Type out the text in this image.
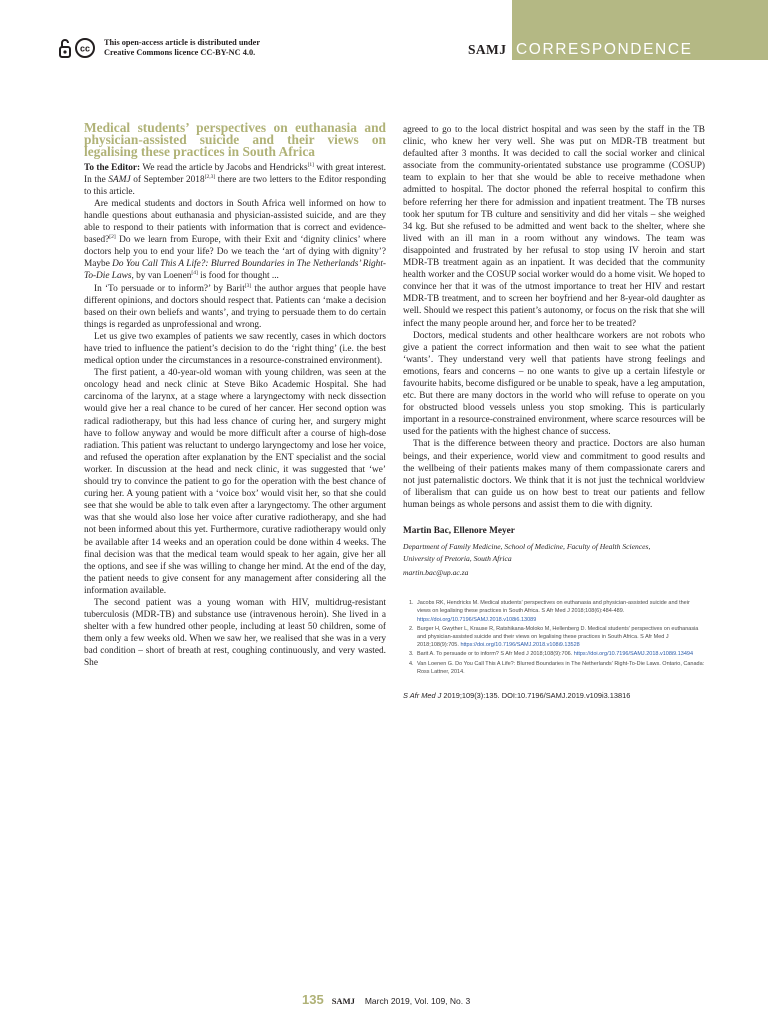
cc
This open-access article is distributed under
Creative Commons licence CC-BY-NC 4.0.	SAMJ CORRESPONDENCE
Medical students’ perspectives on euthanasia and physician-assisted suicide and their views on legalising these practices in South Africa

To the Editor: We read the article by Jacobs and Hendricks[1] with great interest. In the SAMJ of September 2018[2,3] there are two letters to the Editor responding to this article.

Are medical students and doctors in South Africa well informed on how to handle questions about euthanasia and physician-assisted suicide, and are they able to respond to their patients with information that is correct and evidence-based?[2] Do we learn from Europe, with their Exit and ‘dignity clinics’ where doctors help you to end your life? Do we teach the ‘art of dying with dignity’? Maybe Do You Call This A Life?: Blurred Boundaries in The Netherlands’ Right-To-Die Laws, by van Loenen[4] is food for thought ...

In ‘To persuade or to inform?’ by Barit[3] the author argues that people have different opinions, and doctors should respect that. Patients can ‘make a decision based on their own beliefs and wants’, and trying to persuade them to do certain things is regarded as unprofessional and wrong.

Let us give two examples of patients we saw recently, cases in which doctors have tried to influence the patient’s decision to do the ‘right thing’ (i.e. the best medical option under the circumstances in a resource-constrained environment).

The first patient, a 40-year-old woman with young children, was seen at the oncology head and neck clinic at Steve Biko Academic Hospital. She had carcinoma of the larynx, at a stage where a laryngectomy with neck dissection would give her a real chance to be cured of her cancer. Her second option was radical radiotherapy, but this had less chance of curing her, and surgery might have to follow anyway and would be more difficult after a course of high-dose radiation. This patient was reluctant to undergo laryngectomy and lose her voice, and refused the operation after explanation by the ENT specialist and the social worker. In discussion at the head and neck clinic, it was suggested that ‘we’ should try to convince the patient to go for the operation with the best chance of curing her. A young patient with a ‘voice box’ would visit her, so that she could see that she would be able to talk even after a laryngectomy. The other argument was that she would also lose her voice after curative radiotherapy, and she had not been informed about this yet. Furthermore, curative radiotherapy would only be available after 14 weeks and an operation could be done within 4 weeks. The final decision was that the medical team would speak to her again, give her all the options, and see if she was willing to change her mind. At the end of the day, the patient needs to give consent for any management after considering all the information available.

The second patient was a young woman with HIV, multidrug-resistant tuberculosis (MDR-TB) and substance use (intravenous heroin). She lived in a shelter with a few hundred other people, including at least 50 children, some of them only a few weeks old. When we saw her, we realised that she was in a very bad condition – short of breath at rest, coughing continuously, and very wasted. She

agreed to go to the local district hospital and was seen by the staff in the TB clinic, who knew her very well. She was put on MDR-TB treatment but defaulted after 3 months. It was decided to call the social worker and clinical associate from the community-orientated substance use programme (COSUP) team to explain to her that she would be able to receive methadone when admitted to hospital. The doctor phoned the referral hospital to confirm this before referring her there for admission and inpatient treatment. The TB nurses took her sputum for TB culture and sensitivity and did her vitals – she weighed 34 kg. But she refused to be admitted and went back to the shelter, where she lived with an ill man in a room without any windows. The team was disappointed and frustrated by her refusal to stop using IV heroin and start MDR-TB treatment again as an inpatient. It was decided that the community health worker and the COSUP social worker would do a home visit. We hoped to convince her that it was of the utmost importance to treat her HIV and restart MDR-TB treatment, and to screen her boyfriend and her 8-year-old daughter as well. Should we respect this patient’s autonomy, or focus on the risk that she will infect the many people around her, and force her to be treated?

Doctors, medical students and other healthcare workers are not robots who give a patient the correct information and then wait to see what the patient ‘wants’. They understand very well that patients have strong feelings and emotions, fears and concerns – no one wants to give up a certain lifestyle or favourite habits, become disfigured or be unable to speak, have a leg amputation, etc. But there are many doctors in the world who will refuse to operate on you for obstructed blood vessels unless you stop smoking. This is particularly important in a resource-constrained environment, where scarce resources will be used for the patients with the highest chance of success.

That is the difference between theory and practice. Doctors are also human beings, and their experience, world view and commitment to good results and the wellbeing of their patients makes many of them compassionate carers and not just paternalistic doctors. We think that it is not just the technical worldview of liberalism that can guide us on how best to treat our patients and fellow human beings as whole persons and assist them to die with dignity.

Martin Bac, Ellenore Meyer
Department of Family Medicine, School of Medicine, Faculty of Health Sciences,
University of Pretoria, South Africa
martin.bac@up.ac.za
1. Jacobs RK, Hendricks M. Medical students’ perspectives on euthanasia and physician-assisted suicide and their views on legalising these practices in South Africa. S Afr Med J 2018;108(6):484-489. https://doi.org/10.7196/SAMJ.2018.v108i6.13089
2. Burger H, Gwyther L, Krause R, Ratshikana-Moloko M, Hellenberg D. Medical students’ perspectives on euthanasia and physician-assisted suicide and their views on legalising these practices in South Africa. S Afr Med J 2018;108(9):705. https://doi.org/10.7196/SAMJ.2018.v108i9.13528
3. Barit A. To persuade or to inform? S Afr Med J 2018;108(9):706. https://doi.org/10.7196/SAMJ.2018.v108i9.13494
4. Van Loenen G. Do You Call This A Life?: Blurred Boundaries in The Netherlands’ Right-To-Die Laws. Ontario, Canada: Ross Lattner, 2014.
S Afr Med J 2019;109(3):135. DOI:10.7196/SAMJ.2019.v109i3.13816
135 SAMJ March 2019, Vol. 109, No. 3
